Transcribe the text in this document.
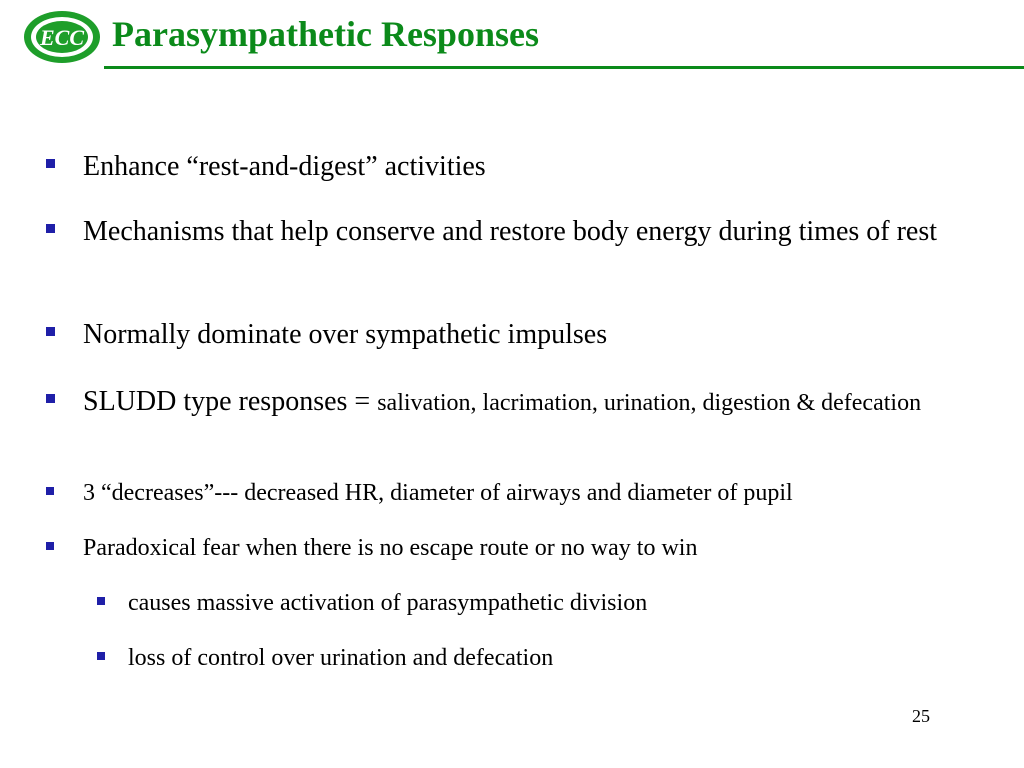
ECC Parasympathetic Responses
Enhance “rest-and-digest” activities
Mechanisms that help conserve and restore body energy during times of rest
Normally dominate over sympathetic impulses
SLUDD type responses = salivation, lacrimation, urination, digestion & defecation
3 “decreases”--- decreased HR, diameter of airways and diameter of pupil
Paradoxical fear when there is no escape route or no way to win
causes massive activation of parasympathetic division
loss of control over urination and defecation
25
